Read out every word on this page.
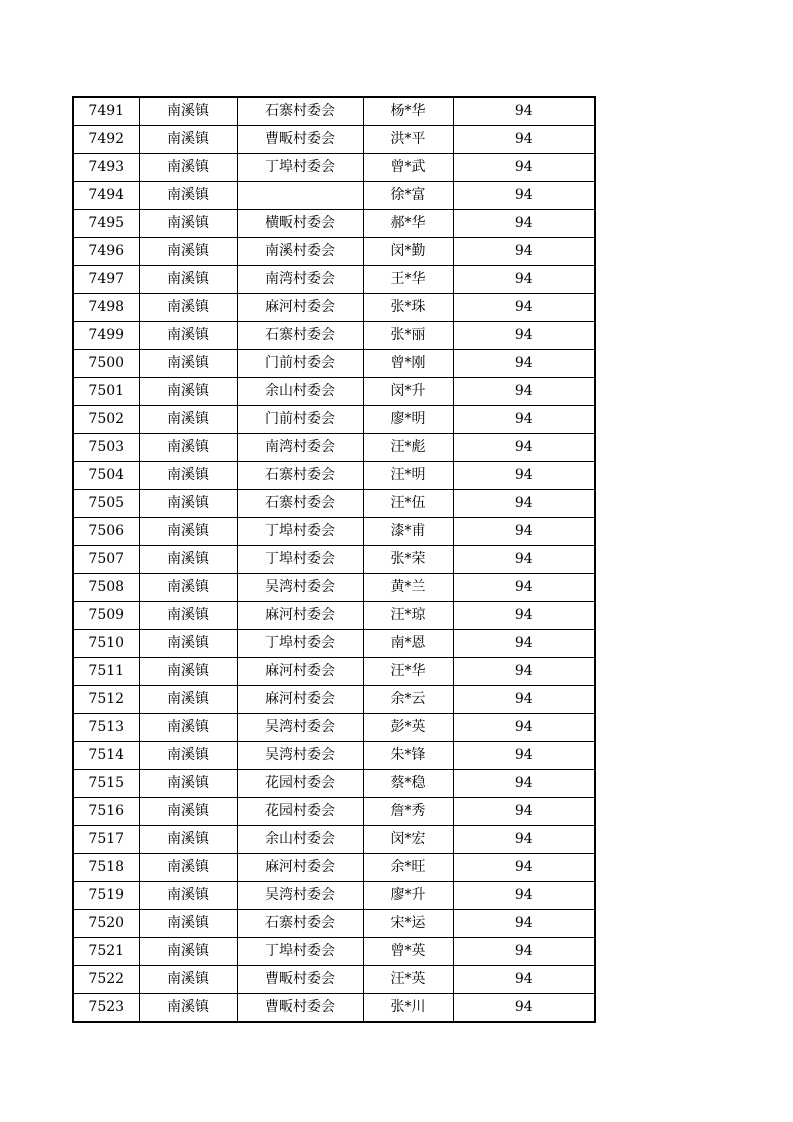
7491	南溪镇	石寨村委会	杨*华	94
7492	南溪镇	曹畈村委会	洪*平	94
7493	南溪镇	丁埠村委会	曾*武	94
7494	南溪镇		徐*富	94
7495	南溪镇	横畈村委会	郝*华	94
7496	南溪镇	南溪村委会	闵*勤	94
7497	南溪镇	南湾村委会	王*华	94
7498	南溪镇	麻河村委会	张*珠	94
7499	南溪镇	石寨村委会	张*丽	94
7500	南溪镇	门前村委会	曾*刚	94
7501	南溪镇	余山村委会	闵*升	94
7502	南溪镇	门前村委会	廖*明	94
7503	南溪镇	南湾村委会	汪*彪	94
7504	南溪镇	石寨村委会	汪*明	94
7505	南溪镇	石寨村委会	汪*伍	94
7506	南溪镇	丁埠村委会	漆*甫	94
7507	南溪镇	丁埠村委会	张*荣	94
7508	南溪镇	吴湾村委会	黄*兰	94
7509	南溪镇	麻河村委会	汪*琼	94
7510	南溪镇	丁埠村委会	南*恩	94
7511	南溪镇	麻河村委会	汪*华	94
7512	南溪镇	麻河村委会	余*云	94
7513	南溪镇	吴湾村委会	彭*英	94
7514	南溪镇	吴湾村委会	朱*锋	94
7515	南溪镇	花园村委会	蔡*稳	94
7516	南溪镇	花园村委会	詹*秀	94
7517	南溪镇	余山村委会	闵*宏	94
7518	南溪镇	麻河村委会	余*旺	94
7519	南溪镇	吴湾村委会	廖*升	94
7520	南溪镇	石寨村委会	宋*运	94
7521	南溪镇	丁埠村委会	曾*英	94
7522	南溪镇	曹畈村委会	汪*英	94
7523	南溪镇	曹畈村委会	张*川	94
